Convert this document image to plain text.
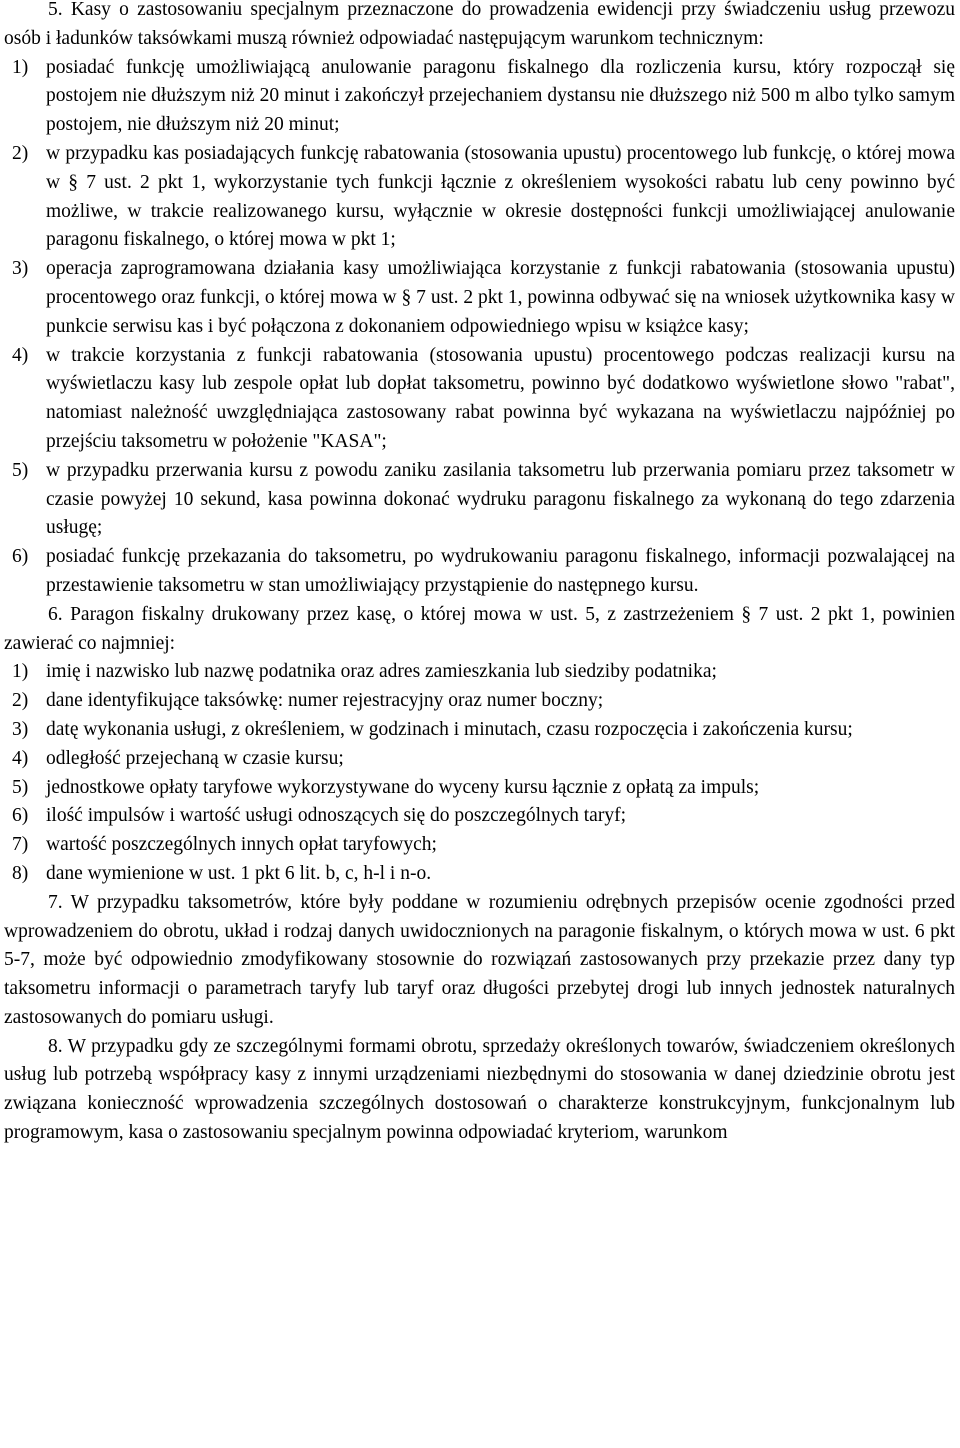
5. Kasy o zastosowaniu specjalnym przeznaczone do prowadzenia ewidencji przy świadczeniu usług przewozu osób i ładunków taksówkami muszą również odpowiadać następującym warunkom technicznym:

1) posiadać funkcję umożliwiającą anulowanie paragonu fiskalnego dla rozliczenia kursu, który rozpoczął się postojem nie dłuższym niż 20 minut i zakończył przejechaniem dystansu nie dłuższego niż 500 m albo tylko samym postojem, nie dłuższym niż 20 minut;
2) w przypadku kas posiadających funkcję rabatowania (stosowania upustu) procentowego lub funkcję, o której mowa w § 7 ust. 2 pkt 1, wykorzystanie tych funkcji łącznie z określeniem wysokości rabatu lub ceny powinno być możliwe, w trakcie realizowanego kursu, wyłącznie w okresie dostępności funkcji umożliwiającej anulowanie paragonu fiskalnego, o której mowa w pkt 1;
3) operacja zaprogramowana działania kasy umożliwiająca korzystanie z funkcji rabatowania (stosowania upustu) procentowego oraz funkcji, o której mowa w § 7 ust. 2 pkt 1, powinna odbywać się na wniosek użytkownika kasy w punkcie serwisu kas i być połączona z dokonaniem odpowiedniego wpisu w książce kasy;
4) w trakcie korzystania z funkcji rabatowania (stosowania upustu) procentowego podczas realizacji kursu na wyświetlaczu kasy lub zespole opłat lub dopłat taksometru, powinno być dodatkowo wyświetlone słowo "rabat", natomiast należność uwzględniająca zastosowany rabat powinna być wykazana na wyświetlaczu najpóźniej po przejściu taksometru w położenie "KASA";
5) w przypadku przerwania kursu z powodu zaniku zasilania taksometru lub przerwania pomiaru przez taksometr w czasie powyżej 10 sekund, kasa powinna dokonać wydruku paragonu fiskalnego za wykonaną do tego zdarzenia usługę;
6) posiadać funkcję przekazania do taksometru, po wydrukowaniu paragonu fiskalnego, informacji pozwalającej na przestawienie taksometru w stan umożliwiający przystąpienie do następnego kursu.

6. Paragon fiskalny drukowany przez kasę, o której mowa w ust. 5, z zastrzeżeniem § 7 ust. 2 pkt 1, powinien zawierać co najmniej:

1) imię i nazwisko lub nazwę podatnika oraz adres zamieszkania lub siedziby podatnika;
2) dane identyfikujące taksówkę: numer rejestracyjny oraz numer boczny;
3) datę wykonania usługi, z określeniem, w godzinach i minutach, czasu rozpoczęcia i zakończenia kursu;
4) odległość przejechaną w czasie kursu;
5) jednostkowe opłaty taryfowe wykorzystywane do wyceny kursu łącznie z opłatą za impuls;
6) ilość impulsów i wartość usługi odnoszących się do poszczególnych taryf;
7) wartość poszczególnych innych opłat taryfowych;
8) dane wymienione w ust. 1 pkt 6 lit. b, c, h-l i n-o.

7. W przypadku taksometrów, które były poddane w rozumieniu odrębnych przepisów ocenie zgodności przed wprowadzeniem do obrotu, układ i rodzaj danych uwidocznionych na paragonie fiskalnym, o których mowa w ust. 6 pkt 5-7, może być odpowiednio zmodyfikowany stosownie do rozwiązań zastosowanych przy przekazie przez dany typ taksometru informacji o parametrach taryfy lub taryf oraz długości przebytej drogi lub innych jednostek naturalnych zastosowanych do pomiaru usługi.

8. W przypadku gdy ze szczególnymi formami obrotu, sprzedaży określonych towarów, świadczeniem określonych usług lub potrzebą współpracy kasy z innymi urządzeniami niezbędnymi do stosowania w danej dziedzinie obrotu jest związana konieczność wprowadzenia szczególnych dostosowań o charakterze konstrukcyjnym, funkcjonalnym lub programowym, kasa o zastosowaniu specjalnym powinna odpowiadać kryteriom, warunkom
